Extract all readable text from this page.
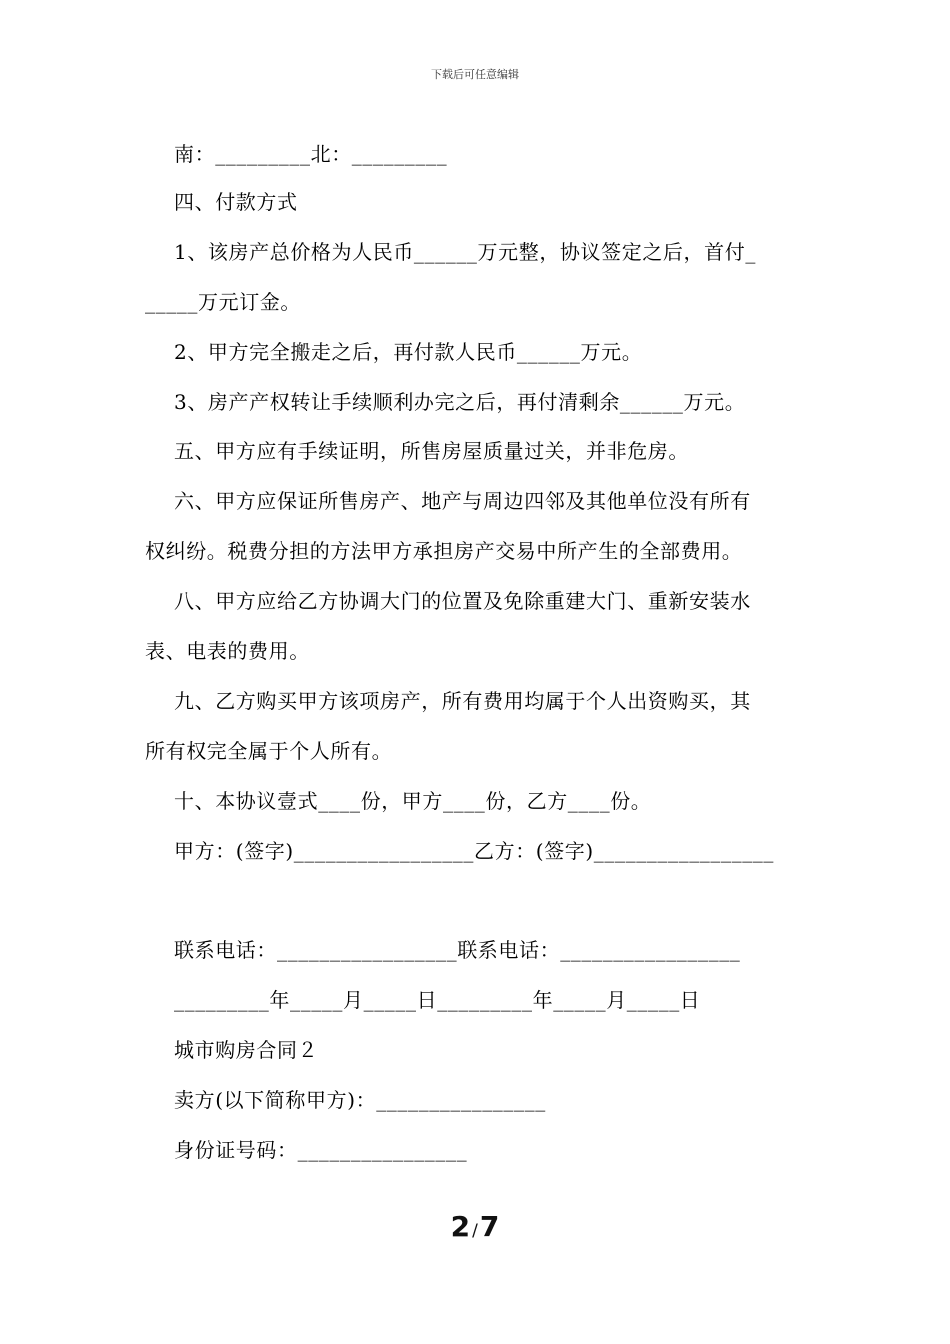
下载后可任意编辑
南：_________北：_________
四、付款方式
1、该房产总价格为人民币______万元整，协议签定之后，首付_
_____万元订金。
2、甲方完全搬走之后，再付款人民币______万元。
3、房产产权转让手续顺利办完之后，再付清剩余______万元。
五、甲方应有手续证明，所售房屋质量过关，并非危房。
六、甲方应保证所售房产、地产与周边四邻及其他单位没有所有
权纠纷。税费分担的方法甲方承担房产交易中所产生的全部费用。
八、甲方应给乙方协调大门的位置及免除重建大门、重新安装水
表、电表的费用。
九、乙方购买甲方该项房产，所有费用均属于个人出资购买，其
所有权完全属于个人所有。
十、本协议壹式____份，甲方____份，乙方____份。
甲方：(签字)_________________乙方：(签字)_________________
联系电话：_________________联系电话：_________________
_________年_____月_____日_________年_____月_____日
城市购房合同２
卖方(以下简称甲方)：________________
身份证号码：________________
2 /7
